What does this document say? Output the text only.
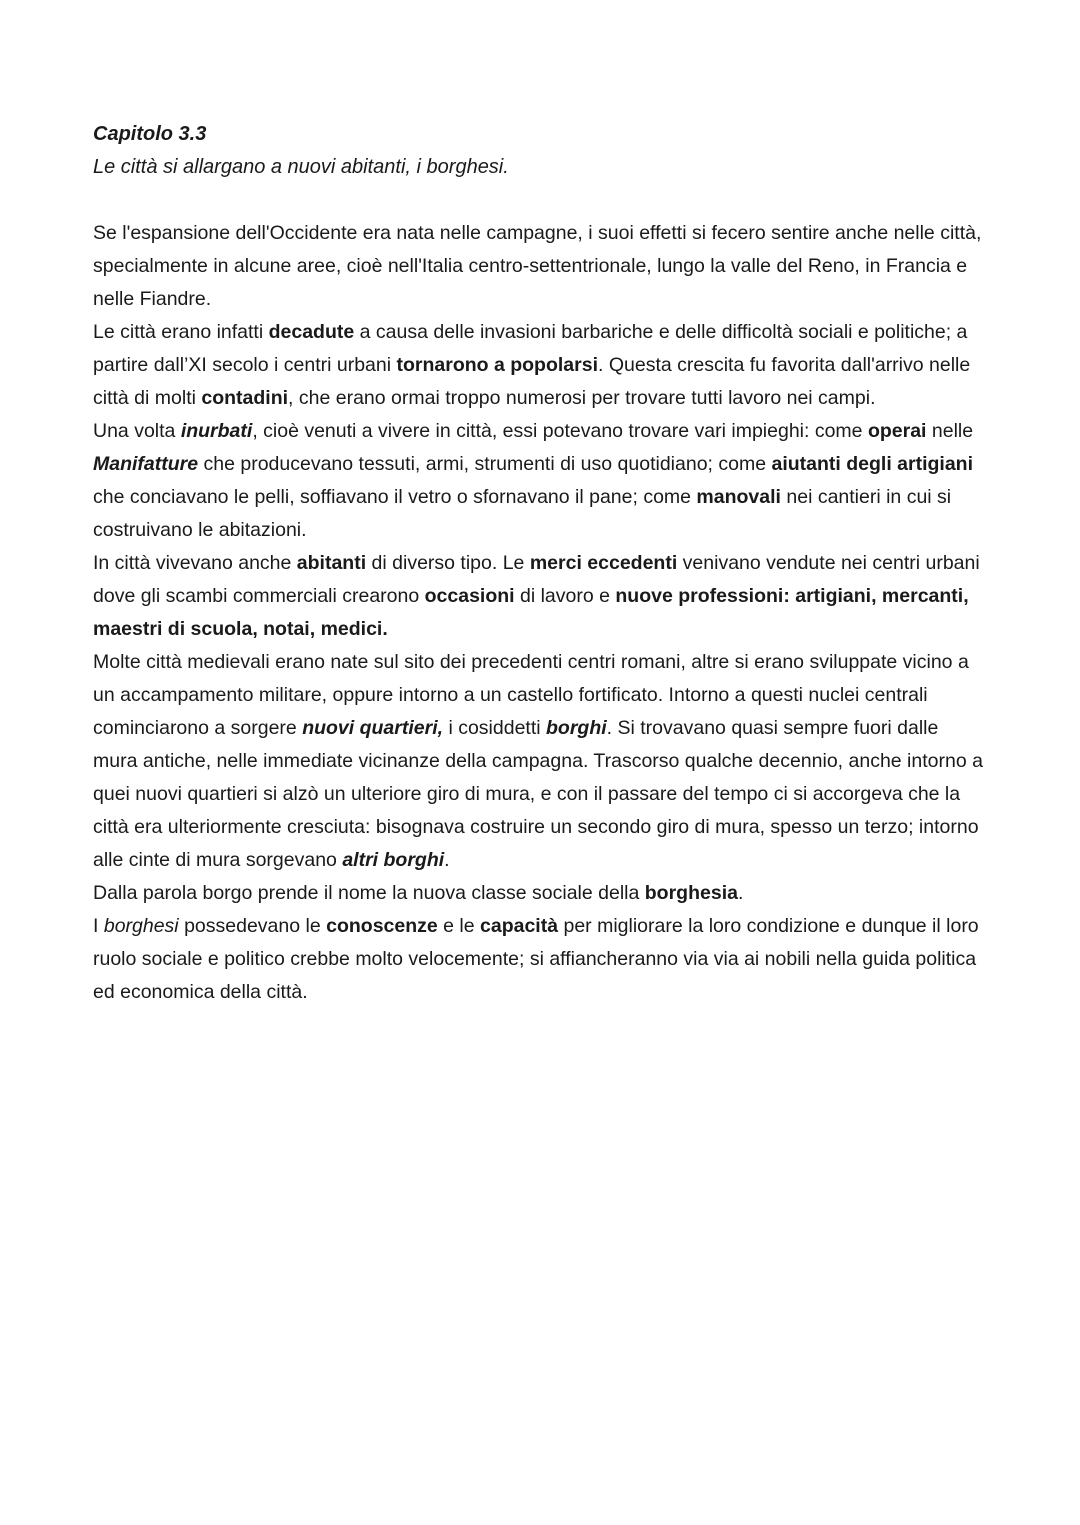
Capitolo 3.3
Le città si allargano a nuovi abitanti, i borghesi.

Se l'espansione dell'Occidente era nata nelle campagne, i suoi effetti si fecero sentire anche nelle città, specialmente in alcune aree, cioè nell'Italia centro-settentrionale, lungo la valle del Reno, in Francia e nelle Fiandre.

Le città erano infatti decadute a causa delle invasioni barbariche e delle difficoltà sociali e politiche; a partire dall’XI secolo i centri urbani tornarono a popolarsi. Questa crescita fu favorita dall'arrivo nelle città di molti contadini, che erano ormai troppo numerosi per trovare tutti lavoro nei campi.

Una volta inurbati, cioè venuti a vivere in città, essi potevano trovare vari impieghi: come operai nelle Manifatture che producevano tessuti, armi, strumenti di uso quotidiano; come aiutanti degli artigiani che conciavano le pelli, soffiavano il vetro o sfornavano il pane; come manovali nei cantieri in cui si costruivano le abitazioni.

In città vivevano anche abitanti di diverso tipo. Le merci eccedenti venivano vendute nei centri urbani dove gli scambi commerciali crearono occasioni di lavoro e nuove professioni: artigiani, mercanti, maestri di scuola, notai, medici.

Molte città medievali erano nate sul sito dei precedenti centri romani, altre si erano sviluppate vicino a un accampamento militare, oppure intorno a un castello fortificato. Intorno a questi nuclei centrali cominciarono a sorgere nuovi quartieri, i cosiddetti borghi. Si trovavano quasi sempre fuori dalle mura antiche, nelle immediate vicinanze della campagna. Trascorso qualche decennio, anche intorno a quei nuovi quartieri si alzò un ulteriore giro di mura, e con il passare del tempo ci si accorgeva che la città era ulteriormente cresciuta: bisognava costruire un secondo giro di mura, spesso un terzo; intorno alle cinte di mura sorgevano altri borghi.

Dalla parola borgo prende il nome la nuova classe sociale della borghesia.

I borghesi possedevano le conoscenze e le capacità per migliorare la loro condizione e dunque il loro ruolo sociale e politico crebbe molto velocemente; si affiancheranno via via ai nobili nella guida politica ed economica della città.
